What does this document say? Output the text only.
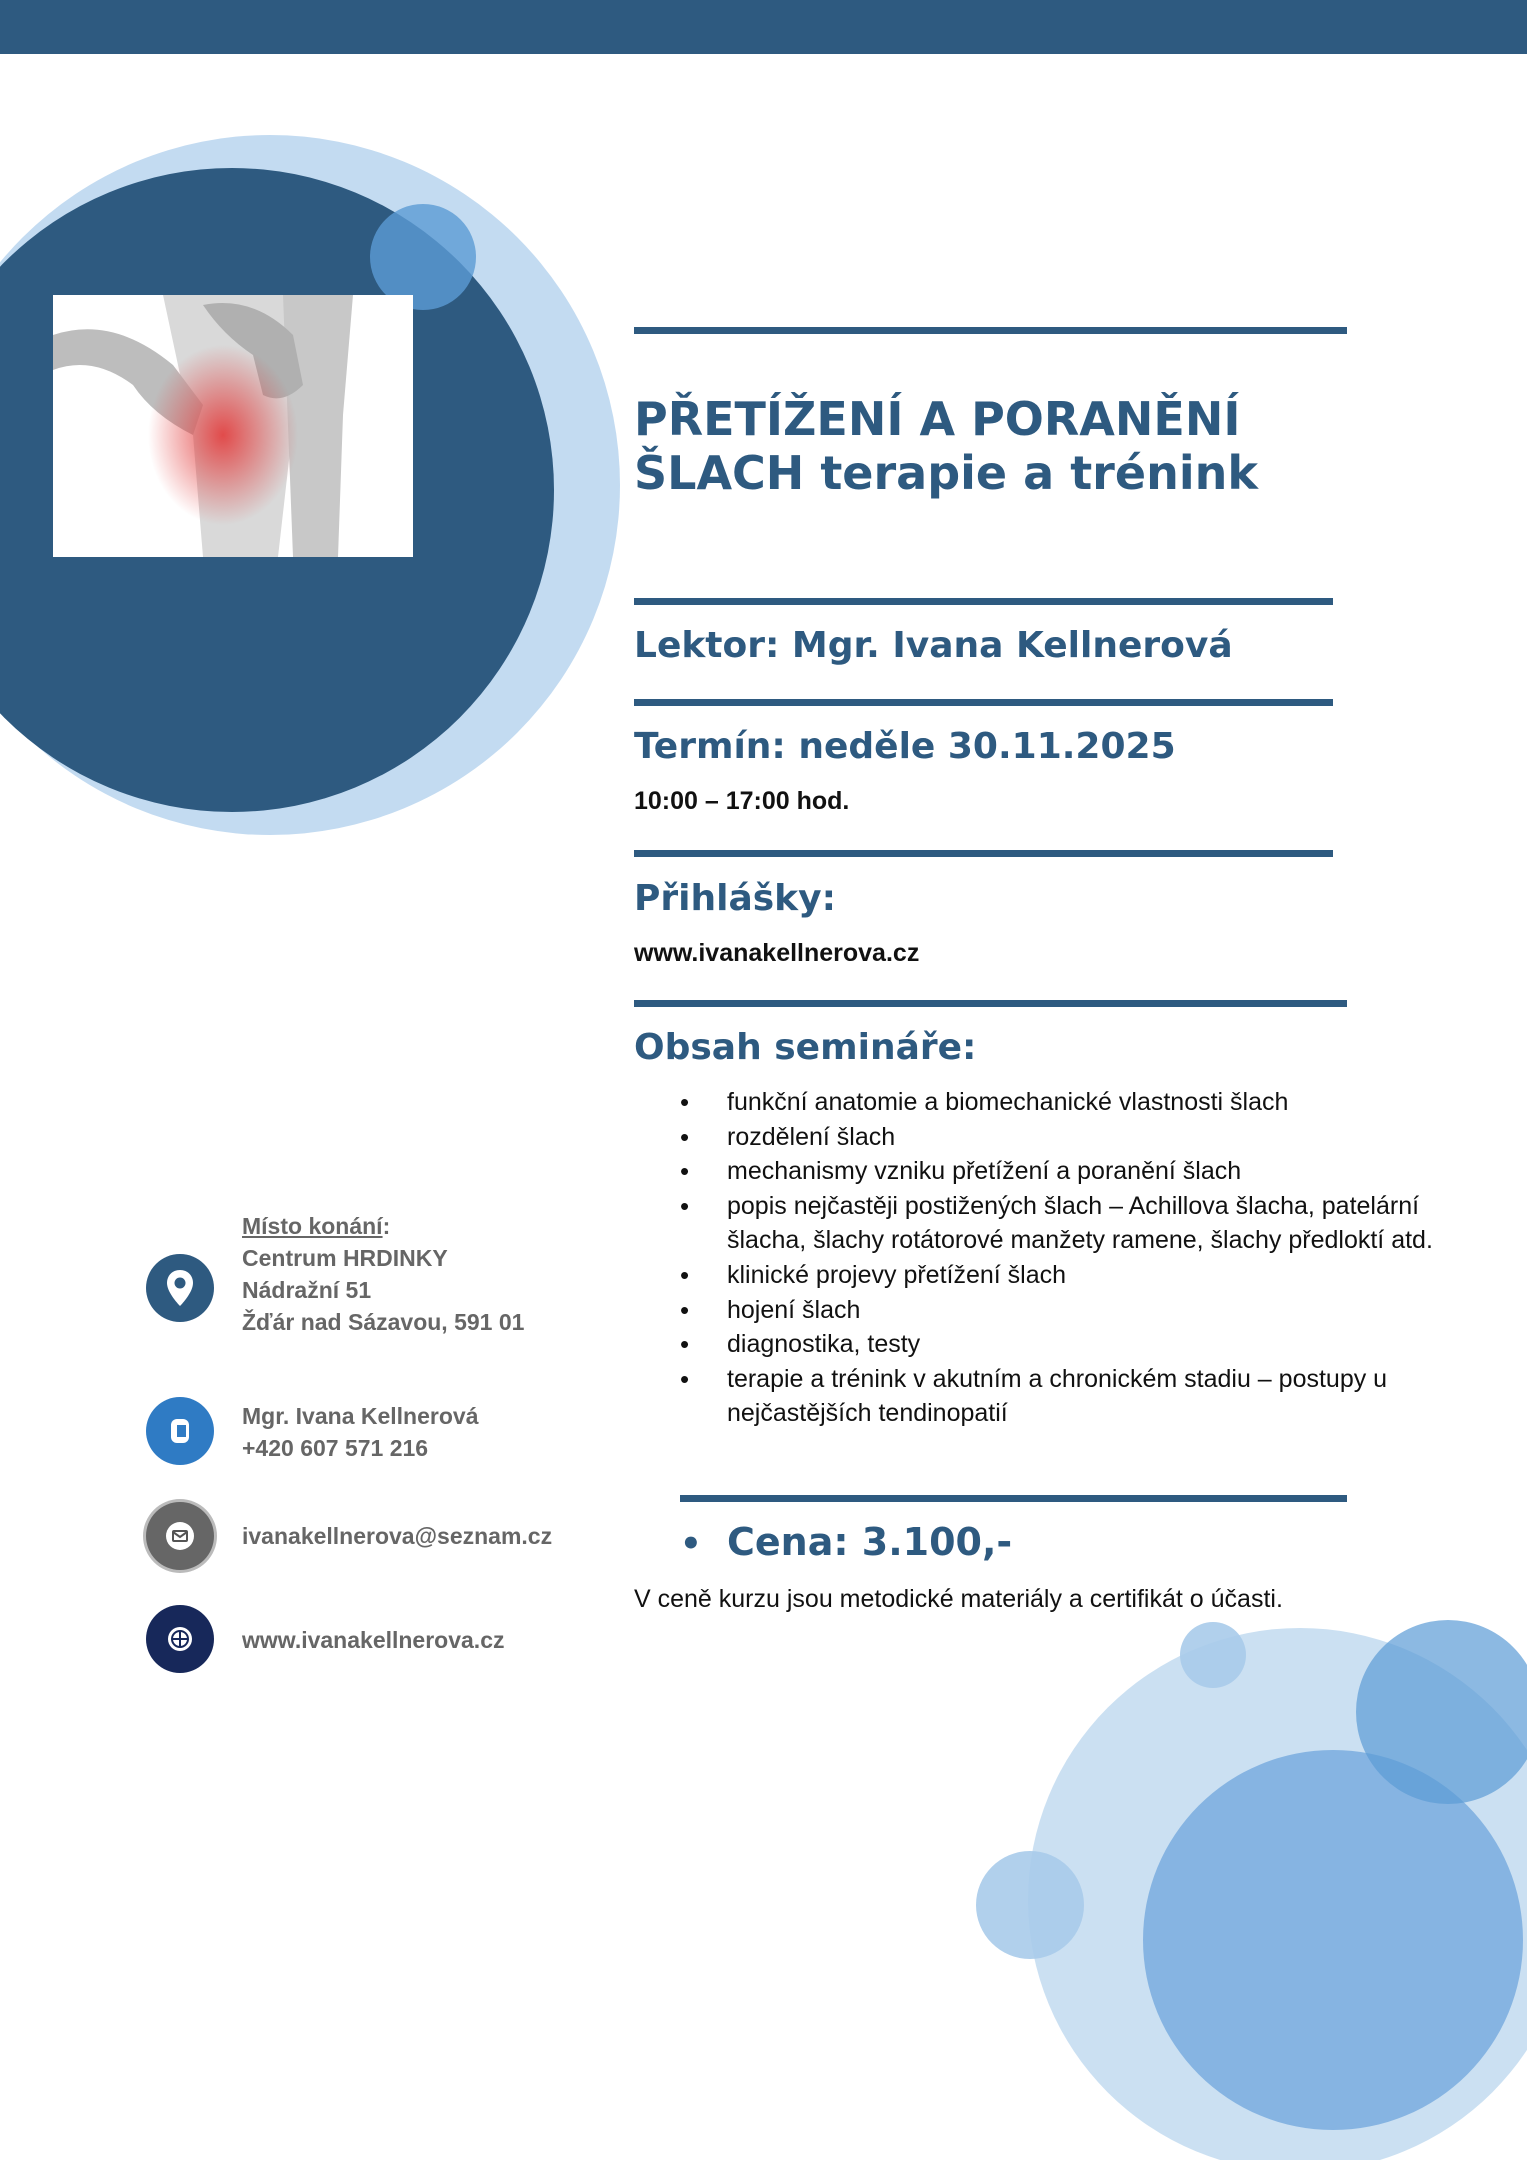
PŘETÍŽENÍ A PORANĚNÍ
ŠLACH terapie a trénink
Lektor: Mgr. Ivana Kellnerová
Termín: neděle 30.11.2025
10:00 – 17:00 hod.
Přihlášky:
www.ivanakellnerova.cz
Obsah semináře:
• funkční anatomie a biomechanické vlastnosti šlach
• rozdělení šlach
• mechanismy vzniku přetížení a poranění šlach
• popis nejčastěji postižených šlach – Achillova šlacha, patelární šlacha, šlachy rotátorové manžety ramene, šlachy předloktí atd.
• klinické projevy přetížení šlach
• hojení šlach
• diagnostika, testy
• terapie a trénink v akutním a chronickém stadiu – postupy u nejčastějších tendinopatií
• Cena: 3.100,-
V ceně kurzu jsou metodické materiály a certifikát o účasti.
Místo konání:
Centrum HRDINKY
Nádražní 51
Žďár nad Sázavou, 591 01
Mgr. Ivana Kellnerová
+420 607 571 216
ivanakellnerova@seznam.cz
www.ivanakellnerova.cz
